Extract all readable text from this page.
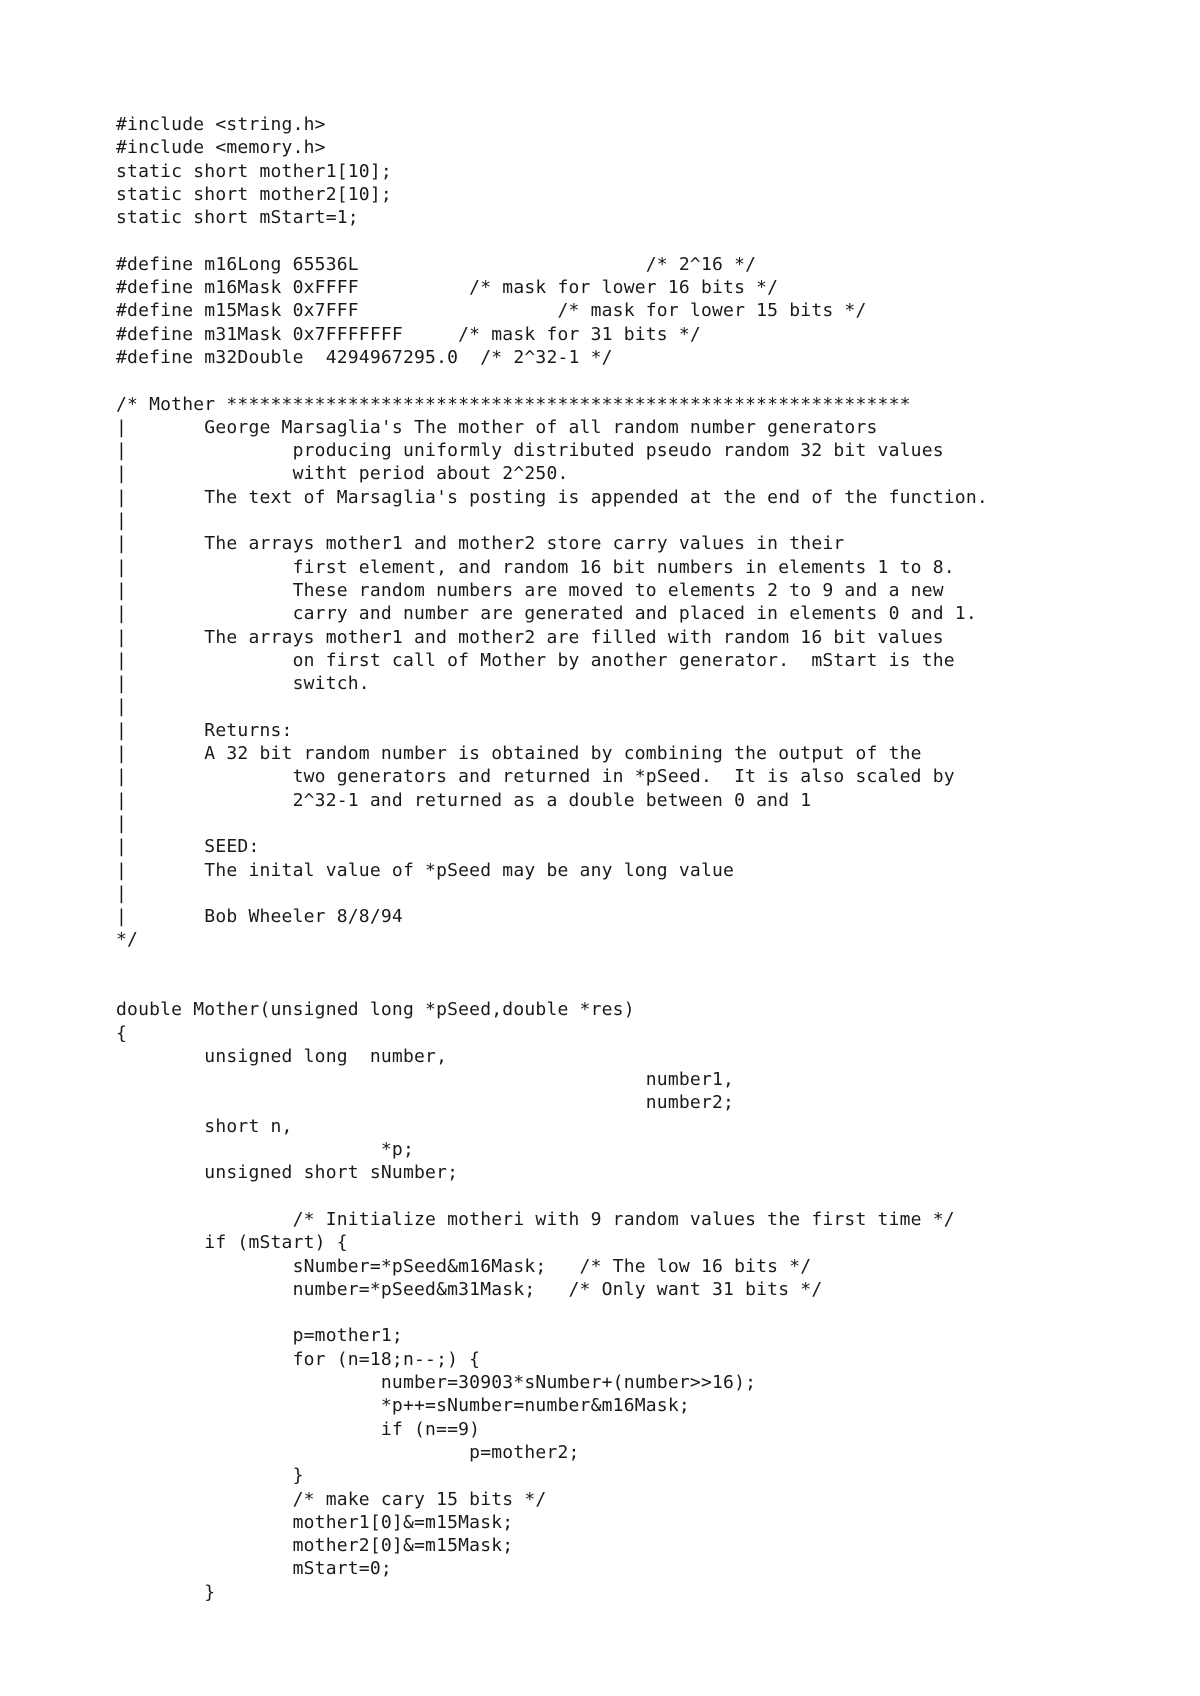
#include <string.h>
#include <memory.h>
static short mother1[10];
static short mother2[10];
static short mStart=1;

#define m16Long 65536L                          /* 2^16 */
#define m16Mask 0xFFFF          /* mask for lower 16 bits */
#define m15Mask 0x7FFF                  /* mask for lower 15 bits */
#define m31Mask 0x7FFFFFFF     /* mask for 31 bits */
#define m32Double  4294967295.0  /* 2^32-1 */

/* Mother **************************************************************
|       George Marsaglia's The mother of all random number generators
|               producing uniformly distributed pseudo random 32 bit values
|               witht period about 2^250.
|       The text of Marsaglia's posting is appended at the end of the function.
|
|       The arrays mother1 and mother2 store carry values in their
|               first element, and random 16 bit numbers in elements 1 to 8.
|               These random numbers are moved to elements 2 to 9 and a new
|               carry and number are generated and placed in elements 0 and 1.
|       The arrays mother1 and mother2 are filled with random 16 bit values
|               on first call of Mother by another generator.  mStart is the
|               switch.
|
|       Returns:
|       A 32 bit random number is obtained by combining the output of the
|               two generators and returned in *pSeed.  It is also scaled by
|               2^32-1 and returned as a double between 0 and 1
|
|       SEED:
|       The inital value of *pSeed may be any long value
|
|       Bob Wheeler 8/8/94
*/

double Mother(unsigned long *pSeed,double *res)
{
unsigned long  number,
number1,
number2;
short n,
*p;
unsigned short sNumber;

/* Initialize motheri with 9 random values the first time */
if (mStart) {
sNumber=*pSeed&m16Mask;   /* The low 16 bits */
number=*pSeed&m31Mask;   /* Only want 31 bits */

p=mother1;
for (n=18;n--;) {
number=30903*sNumber+(number>>16);
*p++=sNumber=number&m16Mask;
if (n==9)
p=mother2;
}
/* make cary 15 bits */
mother1[0]&=m15Mask;
mother2[0]&=m15Mask;
mStart=0;
}
